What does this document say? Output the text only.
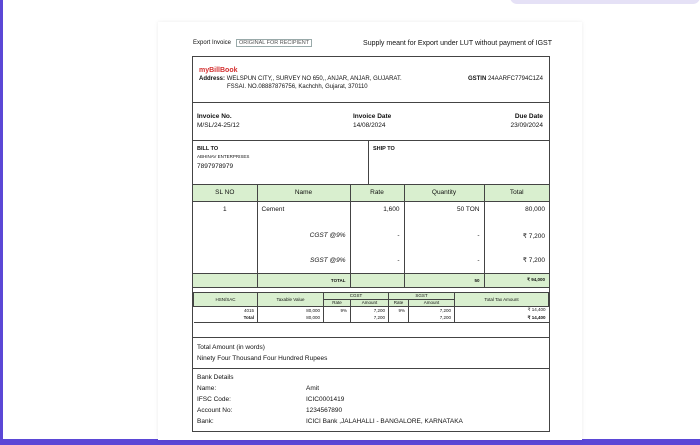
Export Invoice	ORIGINAL FOR RECIPIENT	Supply meant for Export under LUT without payment of IGST
myBillBook
Address: WELSPUN CITY,, SURVEY NO 650,, ANJAR, ANJAR, GUJARAT.
FSSAI. NO.08887876756, Kachchh, Gujarat, 370110
GSTIN 24AARFC7794C1Z4
Invoice No.
M/SL/24-25/12
Invoice Date
14/08/2024
Due Date
23/09/2024
BILL TO
ABHINAV ENTERPRISES
7897978979
SHIP TO
SL NO	Name	Rate	Quantity	Total
1	Cement	1,600	50 TON	80,000
	CGST @9%	-	-	₹ 7,200
	SGST @9%	-	-	₹ 7,200
	TOTAL		50	₹ 94,000
HSN/SAC	Taxable Value	CGST		SGST		Total Tax Amount
		Rate	Amount	Rate	Amount	
4015	80,000	9%	7,200	9%	7,200	₹ 14,400
Total	80,000		7,200		7,200	₹ 14,400
Total Amount (in words)
Ninety Four Thousand Four Hundred Rupees
Bank Details
Name:	Amit
IFSC Code:	ICIC0001419
Account No:	1234567890
Bank:	ICICI Bank ,JALAHALLI - BANGALORE, KARNATAKA
